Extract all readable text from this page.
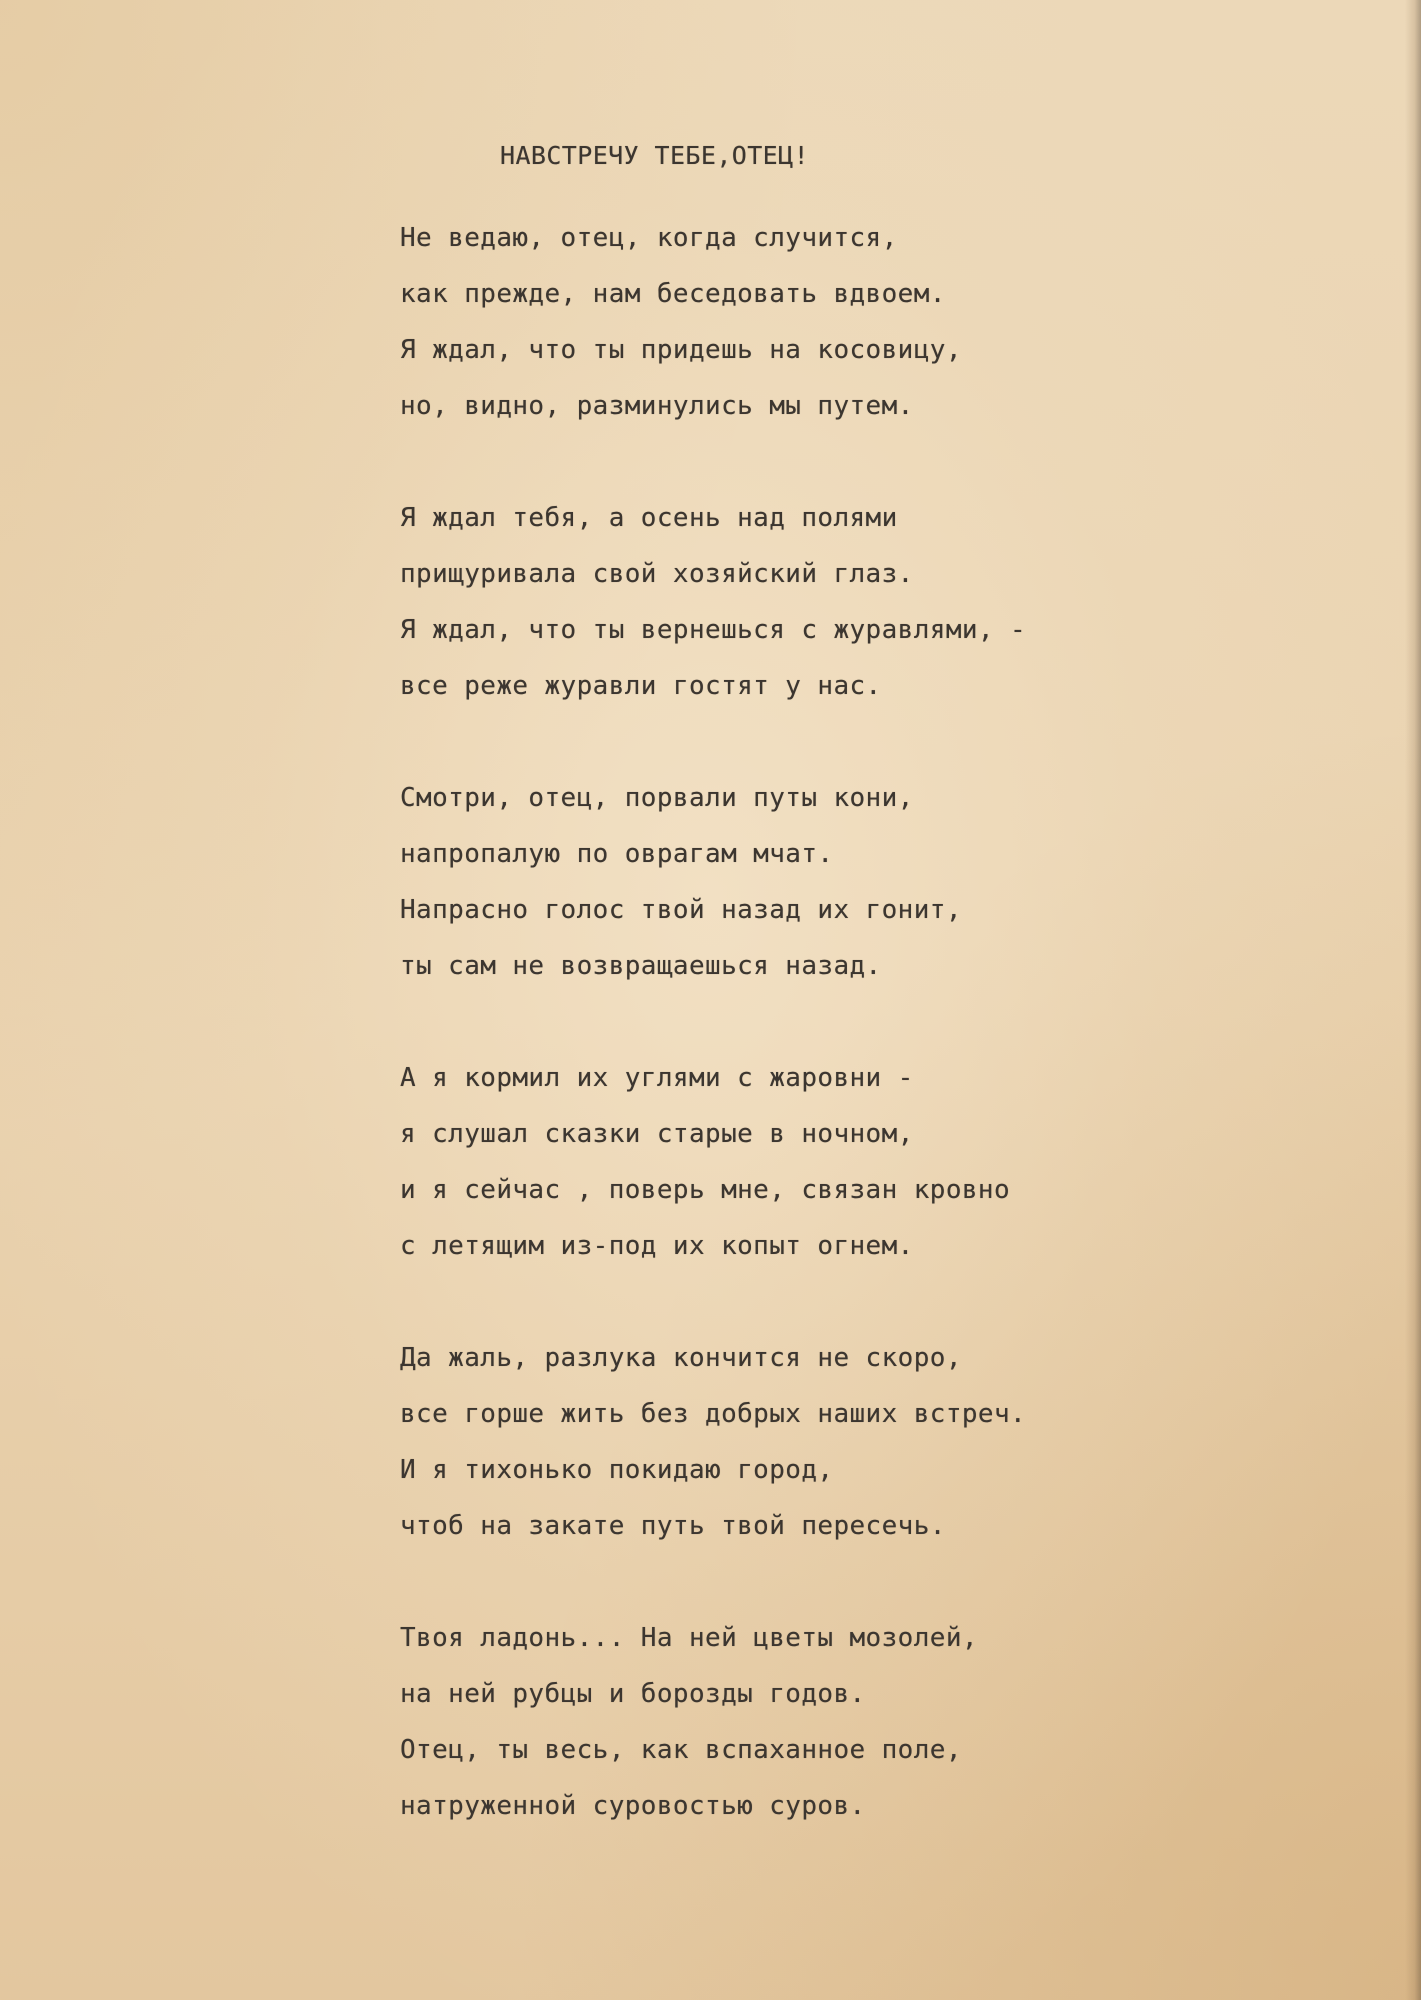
НАВСТРЕЧУ ТЕБЕ,ОТЕЦ!
Не ведаю, отец, когда случится,
как прежде, нам беседовать вдвоем.
Я ждал, что ты придешь на косовицу,
но, видно, разминулись мы путем.
Я ждал тебя, а осень над полями
прищуривала свой хозяйский глаз.
Я ждал, что ты вернешься с журавлями, -
все реже журавли гостят у нас.
Смотри, отец, порвали путы кони,
напропалую по оврагам мчат.
Напрасно голос твой назад их гонит,
ты сам не возвращаешься назад.
А я кормил их углями с жаровни -
я слушал сказки старые в ночном,
и я сейчас , поверь мне, связан кровно
с летящим из-под их копыт огнем.
Да жаль, разлука кончится не скоро,
все горше жить без добрых наших встреч.
И я тихонько покидаю город,
чтоб на закате путь твой пересечь.
Твоя ладонь... На ней цветы мозолей,
на ней рубцы и борозды годов.
Отец, ты весь, как вспаханное поле,
натруженной суровостью суров.
